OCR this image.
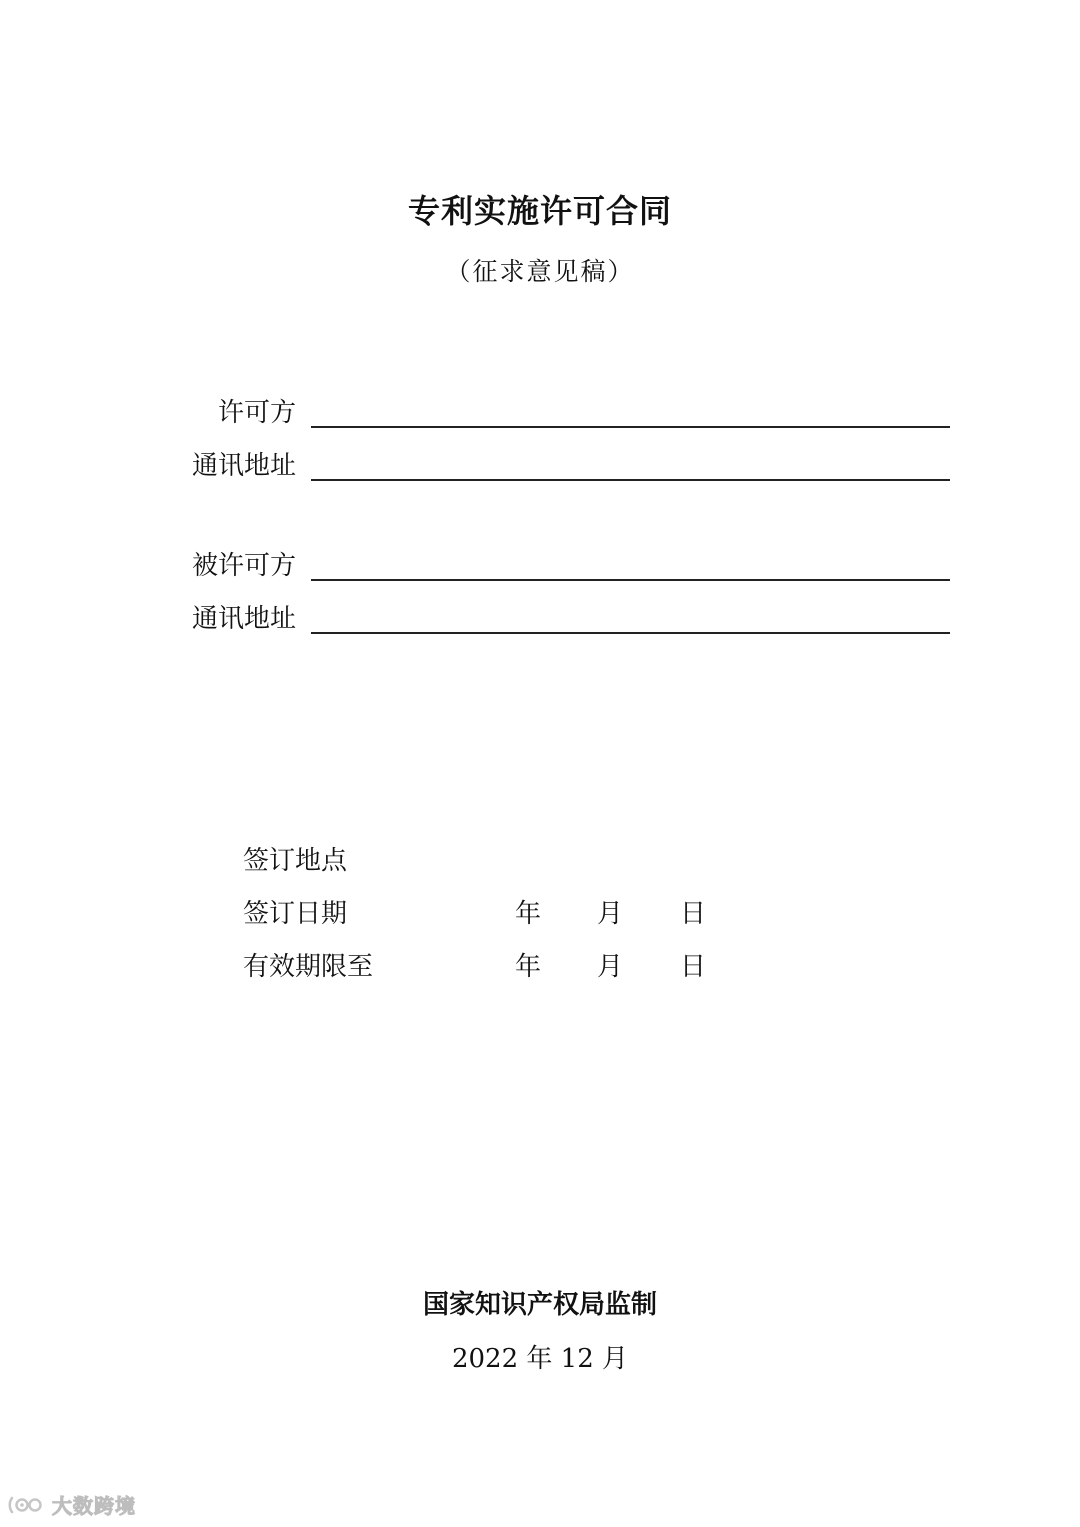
专利实施许可合同
（征求意见稿）
许可方
通讯地址
被许可方
通讯地址
签订地点
签订日期	年 月 日
有效期限至	年 月 日
国家知识产权局监制
2022 年 12 月
大数跨境
